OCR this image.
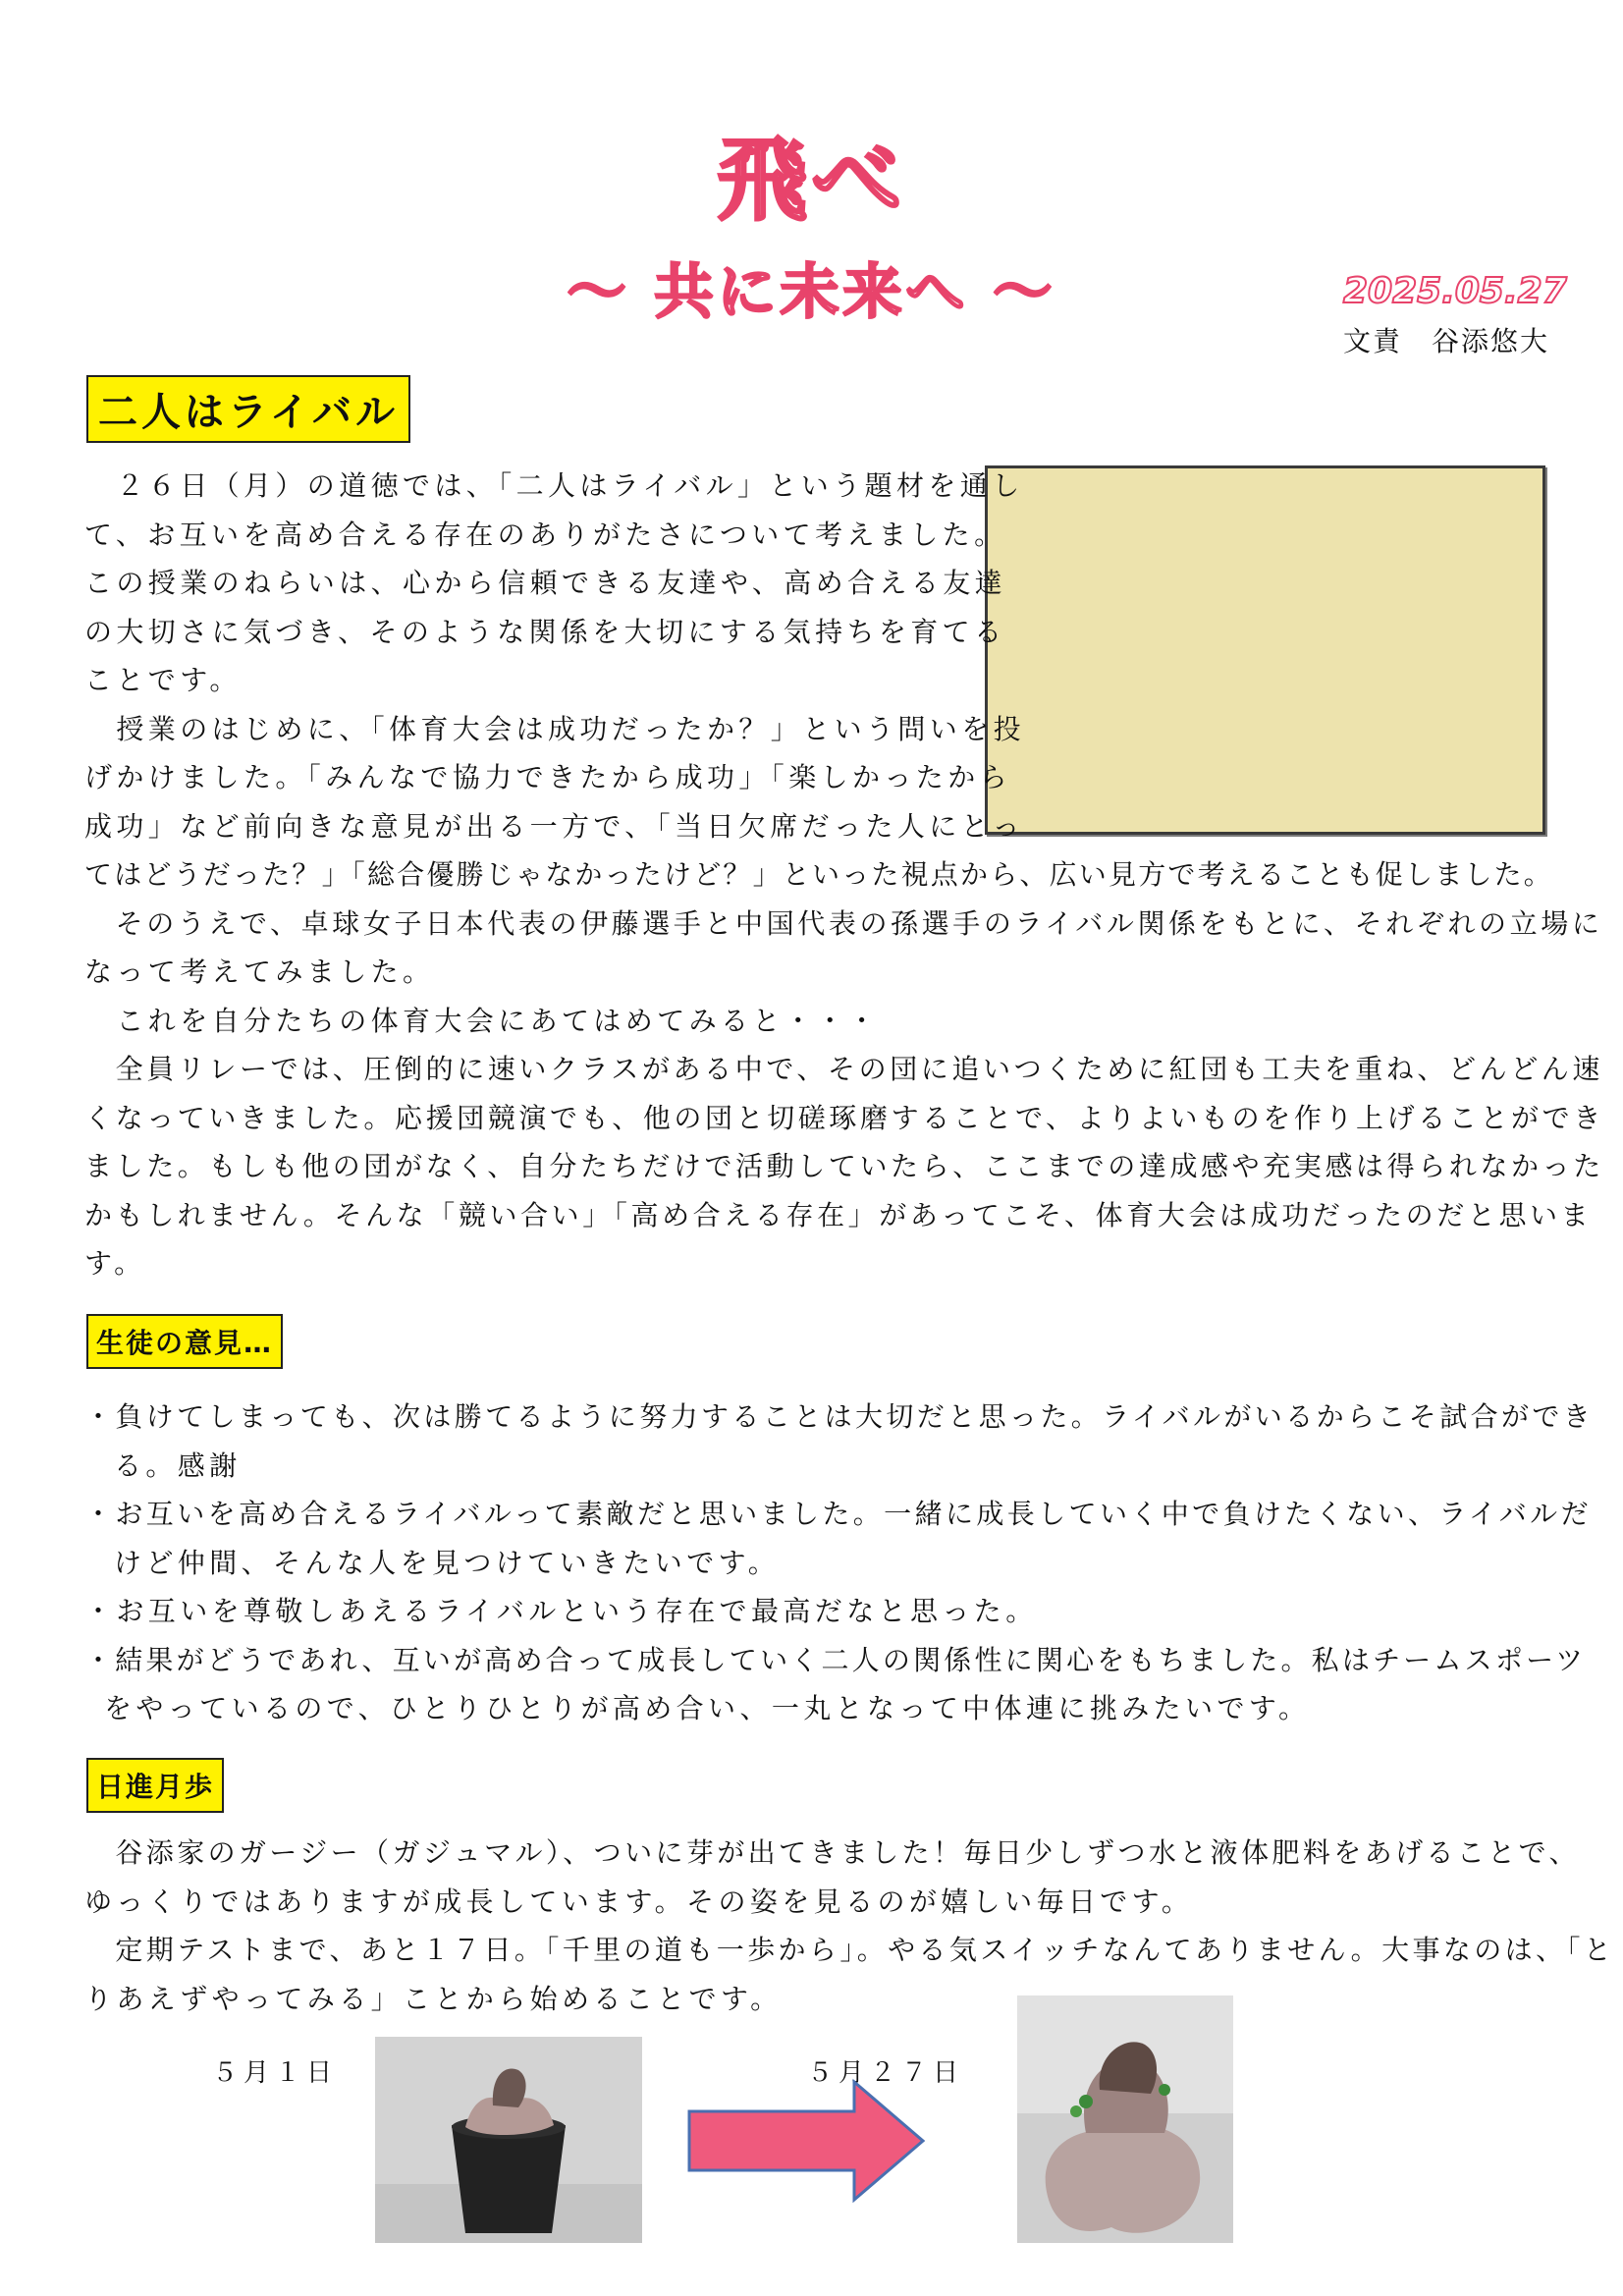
飛べ
～ 共に未来へ ～	2025.05.27
文責　谷添悠大
二人はライバル
　２６日（月）の道徳では、「二人はライバル」という題材を通し
て、お互いを高め合える存在のありがたさについて考えました。
この授業のねらいは、心から信頼できる友達や、高め合える友達
の大切さに気づき、そのような関係を大切にする気持ちを育てる
ことです。
　授業のはじめに、「体育大会は成功だったか？」という問いを投
げかけました。「みんなで協力できたから成功」「楽しかったから
成功」など前向きな意見が出る一方で、「当日欠席だった人にとっ
てはどうだった？」「総合優勝じゃなかったけど？」といった視点から、広い見方で考えることも促しました。
　そのうえで、卓球女子日本代表の伊藤選手と中国代表の孫選手のライバル関係をもとに、それぞれの立場に
なって考えてみました。
　これを自分たちの体育大会にあてはめてみると・・・
　全員リレーでは、圧倒的に速いクラスがある中で、その団に追いつくために紅団も工夫を重ね、どんどん速
くなっていきました。応援団競演でも、他の団と切磋琢磨することで、よりよいものを作り上げることができ
ました。もしも他の団がなく、自分たちだけで活動していたら、ここまでの達成感や充実感は得られなかった
かもしれません。そんな「競い合い」「高め合える存在」があってこそ、体育大会は成功だったのだと思いま
す。
生徒の意見…
・負けてしまっても、次は勝てるように努力することは大切だと思った。ライバルがいるからこそ試合ができ
る。感謝
・お互いを高め合えるライバルって素敵だと思いました。一緒に成長していく中で負けたくない、ライバルだ
けど仲間、そんな人を見つけていきたいです。
・お互いを尊敬しあえるライバルという存在で最高だなと思った。
・結果がどうであれ、互いが高め合って成長していく二人の関係性に関心をもちました。私はチームスポーツ
をやっているので、ひとりひとりが高め合い、一丸となって中体連に挑みたいです。
日進月歩
　谷添家のガージー（ガジュマル）、ついに芽が出てきました！毎日少しずつ水と液体肥料をあげることで、
ゆっくりではありますが成長しています。その姿を見るのが嬉しい毎日です。
　定期テストまで、あと１７日。「千里の道も一歩から」。やる気スイッチなんてありません。大事なのは、「と
りあえずやってみる」ことから始めることです。
５月１日	５月２７日
